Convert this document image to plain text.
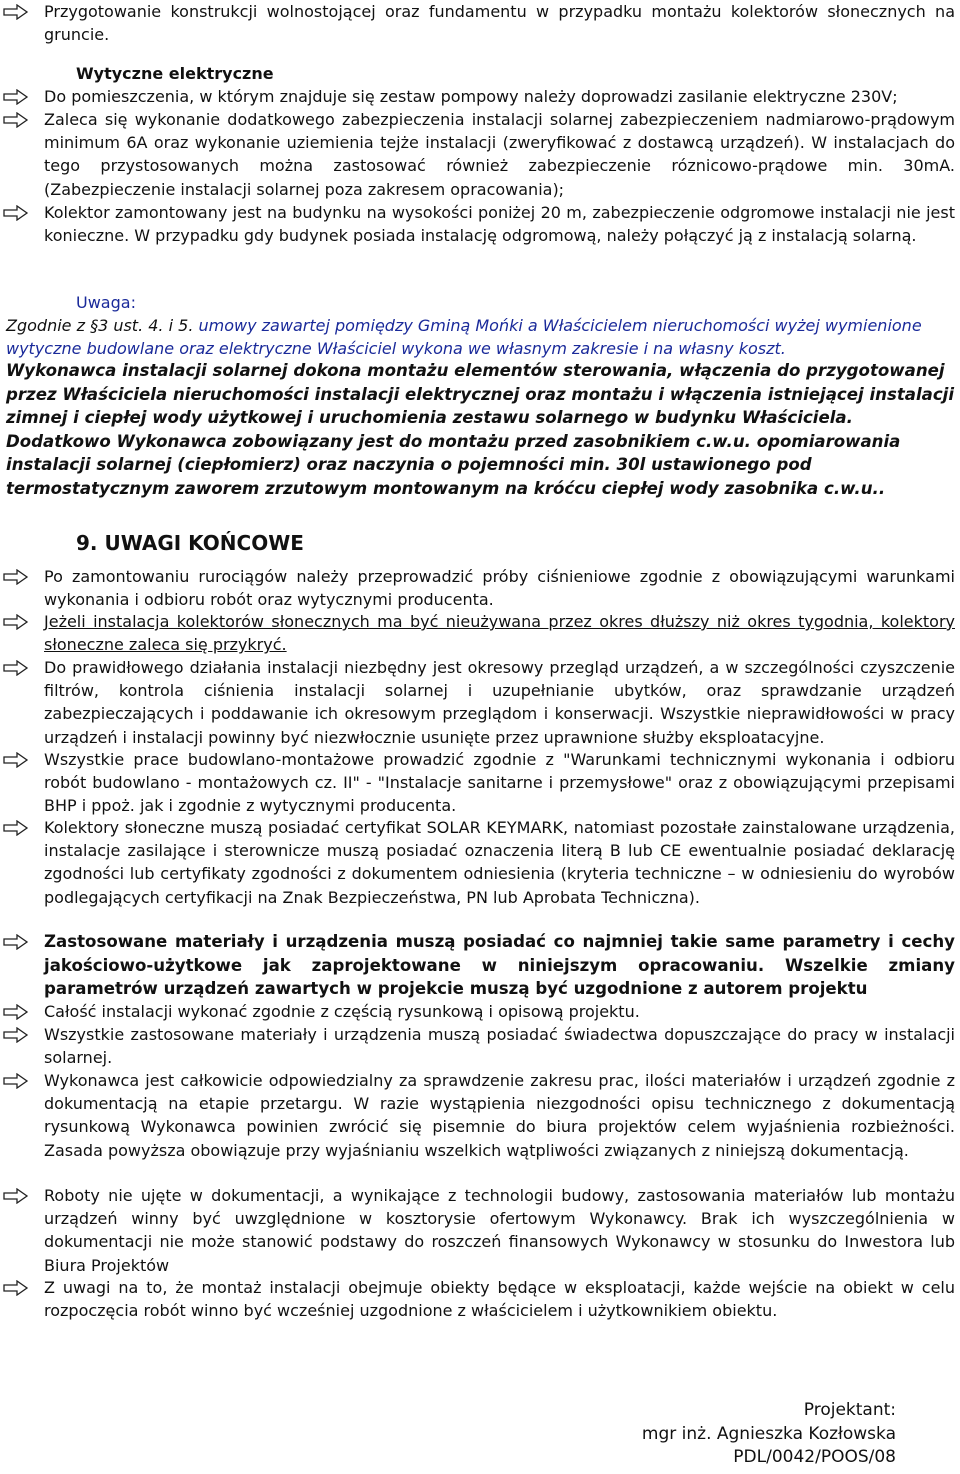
Przygotowanie konstrukcji wolnostojącej oraz fundamentu w przypadku montażu kolektorów słonecznych na gruncie.

Wytyczne elektryczne

Do pomieszczenia, w którym znajduje się zestaw pompowy należy doprowadzi zasilanie elektryczne 230V;

Zaleca się wykonanie dodatkowego zabezpieczenia instalacji solarnej zabezpieczeniem nadmiarowo-prądowym minimum 6A oraz wykonanie uziemienia tejże instalacji (zweryfikować z dostawcą urządzeń). W instalacjach do tego przystosowanych można zastosować również zabezpieczenie róznicowo-prądowe min. 30mA. (Zabezpieczenie instalacji solarnej poza zakresem opracowania);

Kolektor zamontowany jest na budynku na wysokości poniżej 20 m, zabezpieczenie odgromowe instalacji nie jest konieczne. W przypadku gdy budynek posiada instalację odgromową, należy połączyć ją z instalacją solarną.

Uwaga:

Zgodnie z §3 ust. 4. i 5. umowy zawartej pomiędzy Gminą Mońki a Właścicielem nieruchomości wyżej wymienione wytyczne budowlane oraz elektryczne Właściciel wykona we własnym zakresie i na własny koszt.

Wykonawca instalacji solarnej dokona montażu elementów sterowania, włączenia do przygotowanej przez Właściciela nieruchomości instalacji elektrycznej oraz montażu i włączenia istniejącej instalacji zimnej i ciepłej wody użytkowej i uruchomienia zestawu solarnego w budynku Właściciela. Dodatkowo Wykonawca zobowiązany jest do montażu przed zasobnikiem c.w.u. opomiarowania instalacji solarnej (ciepłomierz) oraz naczynia o pojemności min. 30l ustawionego pod termostatycznym zaworem zrzutowym montowanym na króćcu ciepłej wody zasobnika c.w.u..

9. UWAGI KOŃCOWE

Po zamontowaniu rurociągów należy przeprowadzić próby ciśnieniowe zgodnie z obowiązującymi warunkami wykonania i odbioru robót oraz wytycznymi producenta.

Jeżeli instalacja kolektorów słonecznych ma być nieużywana przez okres dłuższy niż okres tygodnia, kolektory słoneczne zaleca się przykryć.

Do prawidłowego działania instalacji niezbędny jest okresowy przegląd urządzeń, a w szczególności czyszczenie filtrów, kontrola ciśnienia instalacji solarnej i uzupełnianie ubytków, oraz sprawdzanie urządzeń zabezpieczających i poddawanie ich okresowym przeglądom i konserwacji. Wszystkie nieprawidłowości w pracy urządzeń i instalacji powinny być niezwłocznie usunięte przez uprawnione służby eksploatacyjne.

Wszystkie prace budowlano-montażowe prowadzić zgodnie z "Warunkami technicznymi wykonania i odbioru robót budowlano - montażowych cz. II" - "Instalacje sanitarne i przemysłowe" oraz z obowiązującymi przepisami BHP i ppoż. jak i zgodnie z wytycznymi producenta.

Kolektory słoneczne muszą posiadać certyfikat SOLAR KEYMARK, natomiast pozostałe zainstalowane urządzenia, instalacje zasilające i sterownicze muszą posiadać oznaczenia literą B lub CE ewentualnie posiadać deklarację zgodności lub certyfikaty zgodności z dokumentem odniesienia (kryteria techniczne – w odniesieniu do wyrobów podlegających certyfikacji na Znak Bezpieczeństwa, PN lub Aprobata Techniczna).

Zastosowane materiały i urządzenia muszą posiadać co najmniej takie same parametry i cechy jakościowo-użytkowe jak zaprojektowane w niniejszym opracowaniu. Wszelkie zmiany parametrów urządzeń zawartych w projekcie muszą być uzgodnione z autorem projektu

Całość instalacji wykonać zgodnie z częścią rysunkową i opisową projektu.

Wszystkie zastosowane materiały i urządzenia muszą posiadać świadectwa dopuszczające do pracy w instalacji solarnej.

Wykonawca jest całkowicie odpowiedzialny za sprawdzenie zakresu prac, ilości materiałów i urządzeń zgodnie z dokumentacją na etapie przetargu. W razie wystąpienia niezgodności opisu technicznego z dokumentacją rysunkową Wykonawca powinien zwrócić się pisemnie do biura projektów celem wyjaśnienia rozbieżności. Zasada powyższa obowiązuje przy wyjaśnianiu wszelkich wątpliwości związanych z niniejszą dokumentacją.

Roboty nie ujęte w dokumentacji, a wynikające z technologii budowy, zastosowania materiałów lub montażu urządzeń winny być uwzględnione w kosztorysie ofertowym Wykonawcy. Brak ich wyszczególnienia w dokumentacji nie może stanowić podstawy do roszczeń finansowych Wykonawcy w stosunku do Inwestora lub Biura Projektów

Z uwagi na to, że montaż instalacji obejmuje obiekty będące w eksploatacji, każde wejście na obiekt w celu rozpoczęcia robót winno być wcześniej uzgodnione z właścicielem i użytkownikiem obiektu.

Projektant:
mgr inż. Agnieszka Kozłowska
PDL/0042/POOS/08
